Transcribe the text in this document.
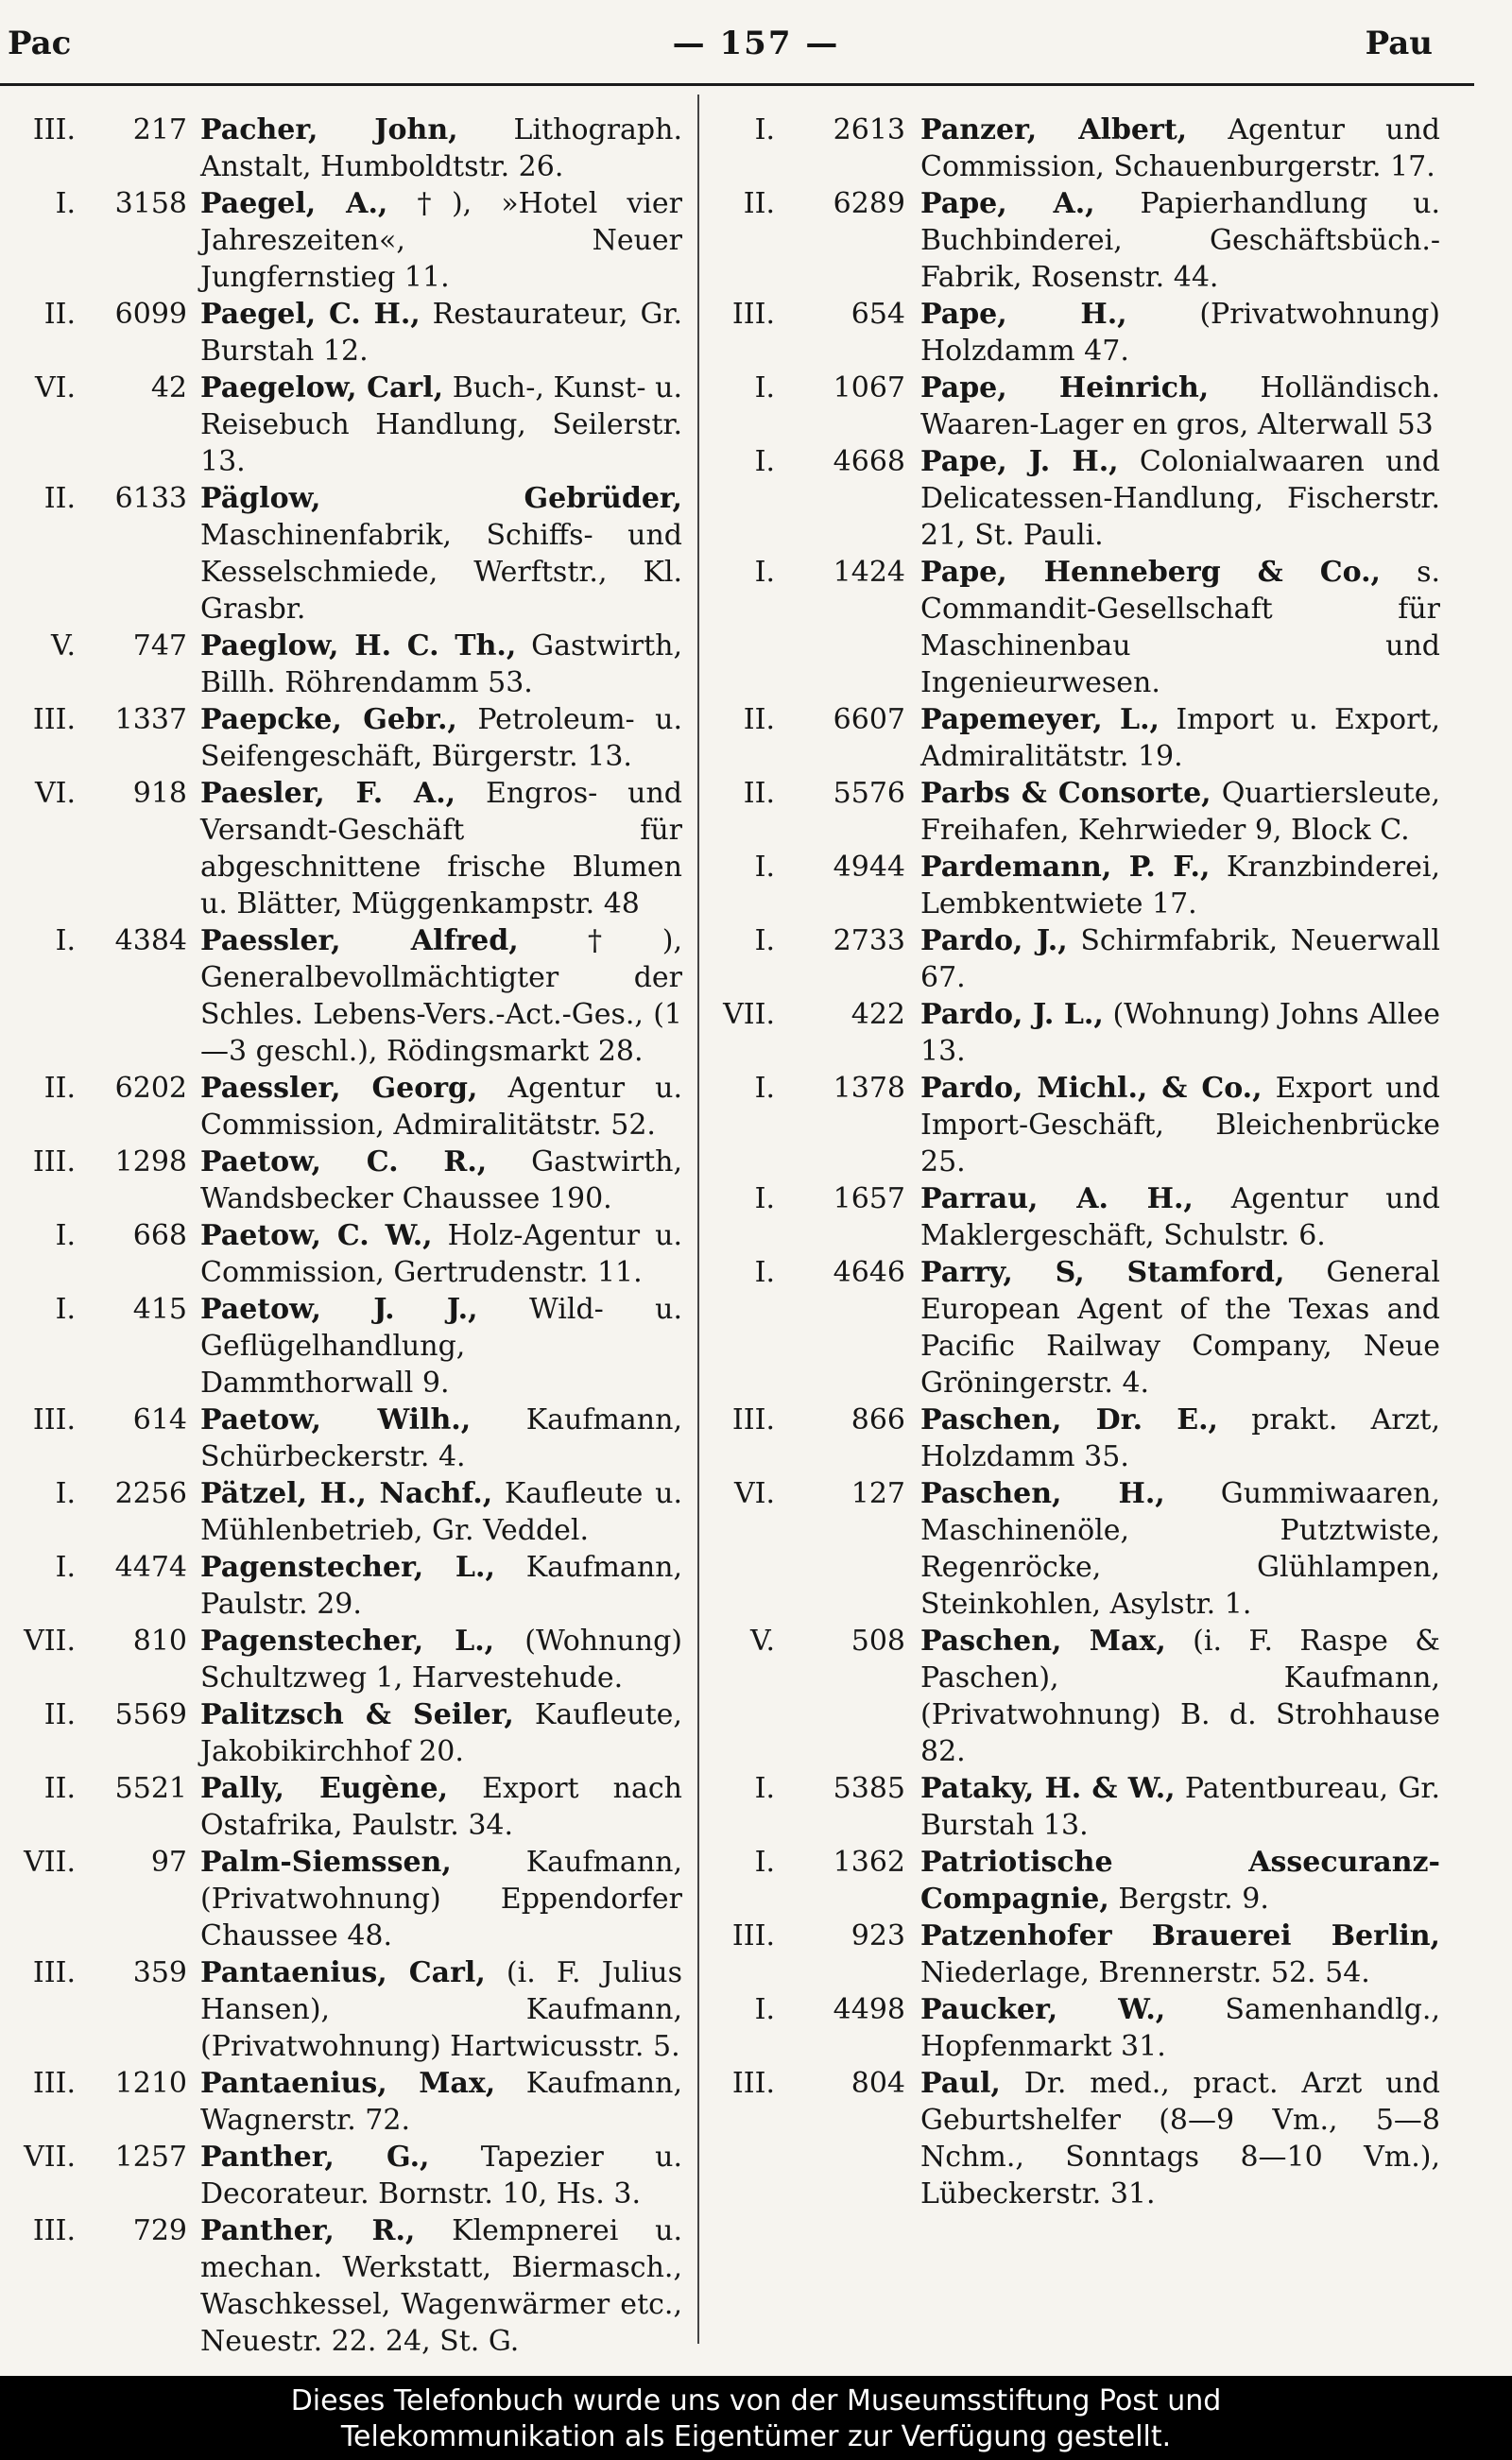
Pac	— 157 —	Pau
III.	217 Pacher, John, Lithograph. Anstalt, Humboldtstr. 26.
I.	3158 Paegel, A., †), »Hotel vier Jahreszeiten«, Neuer Jungfernstieg 11.
II.	6099 Paegel, C. H., Restaurateur, Gr. Burstah 12.
VI.	42 Paegelow, Carl, Buch-, Kunst- u. Reisebuch Handlung, Seilerstr. 13.
II.	6133 Päglow, Gebrüder, Maschinenfabrik, Schiffs- und Kesselschmiede, Werftstr., Kl. Grasbr.
V.	747 Paeglow, H. C. Th., Gastwirth, Billh. Röhrendamm 53.
III.	1337 Paepcke, Gebr., Petroleum- u. Seifengeschäft, Bürgerstr. 13.
VI.	918 Paesler, F. A., Engros- und Versandt-Geschäft für abgeschnittene frische Blumen u. Blätter, Müggenkampstr. 48
I.	4384 Paessler, Alfred, †), Generalbevollmächtigter der Schles. Lebens-Vers.-Act.-Ges., (1—3 geschl.), Rödingsmarkt 28.
II.	6202 Paessler, Georg, Agentur u. Commission, Admiralitätstr. 52.
III.	1298 Paetow, C. R., Gastwirth, Wandsbecker Chaussee 190.
I.	668 Paetow, C. W., Holz-Agentur u. Commission, Gertrudenstr. 11.
I.	415 Paetow, J. J., Wild- u. Geflügelhandlung, Dammthorwall 9.
III.	614 Paetow, Wilh., Kaufmann, Schürbeckerstr. 4.
I.	2256 Pätzel, H., Nachf., Kaufleute u. Mühlenbetrieb, Gr. Veddel.
I.	4474 Pagenstecher, L., Kaufmann, Paulstr. 29.
VII.	810 Pagenstecher, L., (Wohnung) Schultzweg 1, Harvestehude.
II.	5569 Palitzsch & Seiler, Kaufleute, Jakobikirchhof 20.
II.	5521 Pally, Eugène, Export nach Ostafrika, Paulstr. 34.
VII.	97 Palm-Siemssen,	Kaufmann, (Privatwohnung) Eppendorfer Chaussee 48.
III.	359 Pantaenius, Carl, (i. F. Julius Hansen), Kaufmann, (Privatwohnung) Hartwicusstr. 5.
III.	1210 Pantaenius, Max, Kaufmann, Wagnerstr. 72.
VII.	1257 Panther, G., Tapezier u. Decorateur. Bornstr. 10, Hs. 3.
III.	729 Panther, R., Klempnerei u. mechan. Werkstatt, Biermasch., Waschkessel, Wagenwärmer etc., Neuestr. 22. 24, St. G.
I.	2613 Panzer, Albert, Agentur und Commission, Schauenburgerstr. 17.
II.	6289 Pape, A., Papierhandlung u. Buchbinderei, Geschäftsbüch.-Fabrik, Rosenstr. 44.
III.	654 Pape, H.,	(Privatwohnung) Holzdamm 47.
I.	1067 Pape, Heinrich, Holländisch. Waaren-Lager en gros, Alterwall 53
I.	4668 Pape, J. H., Colonialwaaren und Delicatessen-Handlung, Fischerstr. 21, St. Pauli.
I.	1424 Pape, Henneberg & Co., s. Commandit-Gesellschaft für Maschinenbau und Ingenieurwesen.
II.	6607 Papemeyer, L., Import u. Export, Admiralitätstr. 19.
II.	5576 Parbs & Consorte, Quartiersleute, Freihafen, Kehrwieder 9, Block C.
I.	4944 Pardemann, P. F., Kranzbinderei, Lembkentwiete 17.
I.	2733 Pardo, J., Schirmfabrik, Neuerwall 67.
VII.	422 Pardo, J. L., (Wohnung) Johns Allee 13.
I.	1378 Pardo, Michl., & Co., Export und Import-Geschäft, Bleichenbrücke 25.
I.	1657 Parrau, A. H., Agentur und Maklergeschäft, Schulstr. 6.
I.	4646 Parry, S, Stamford, General European Agent of the Texas and Pacific Railway Company, Neue Gröningerstr. 4.
III.	866 Paschen, Dr. E., prakt. Arzt, Holzdamm 35.
VI.	127 Paschen, H., Gummiwaaren, Maschinenöle, Putztwiste, Regenröcke, Glühlampen, Steinkohlen, Asylstr. 1.
V.	508 Paschen, Max, (i. F. Raspe & Paschen), Kaufmann, (Privatwohnung) B. d. Strohhause 82.
I.	5385 Pataky, H. & W., Patentbureau, Gr. Burstah 13.
I.	1362 Patriotische Assecuranz-Compagnie, Bergstr. 9.
III.	923 Patzenhofer Brauerei Berlin, Niederlage, Brennerstr. 52. 54.
I.	4498 Paucker, W., Samenhandlg., Hopfenmarkt 31.
III.	804 Paul, Dr. med., pract. Arzt und Geburtshelfer (8—9 Vm., 5—8 Nchm., Sonntags 8—10 Vm.), Lübeckerstr. 31.
Dieses Telefonbuch wurde uns von der Museumsstiftung Post und
Telekommunikation als Eigentümer zur Verfügung gestellt.
